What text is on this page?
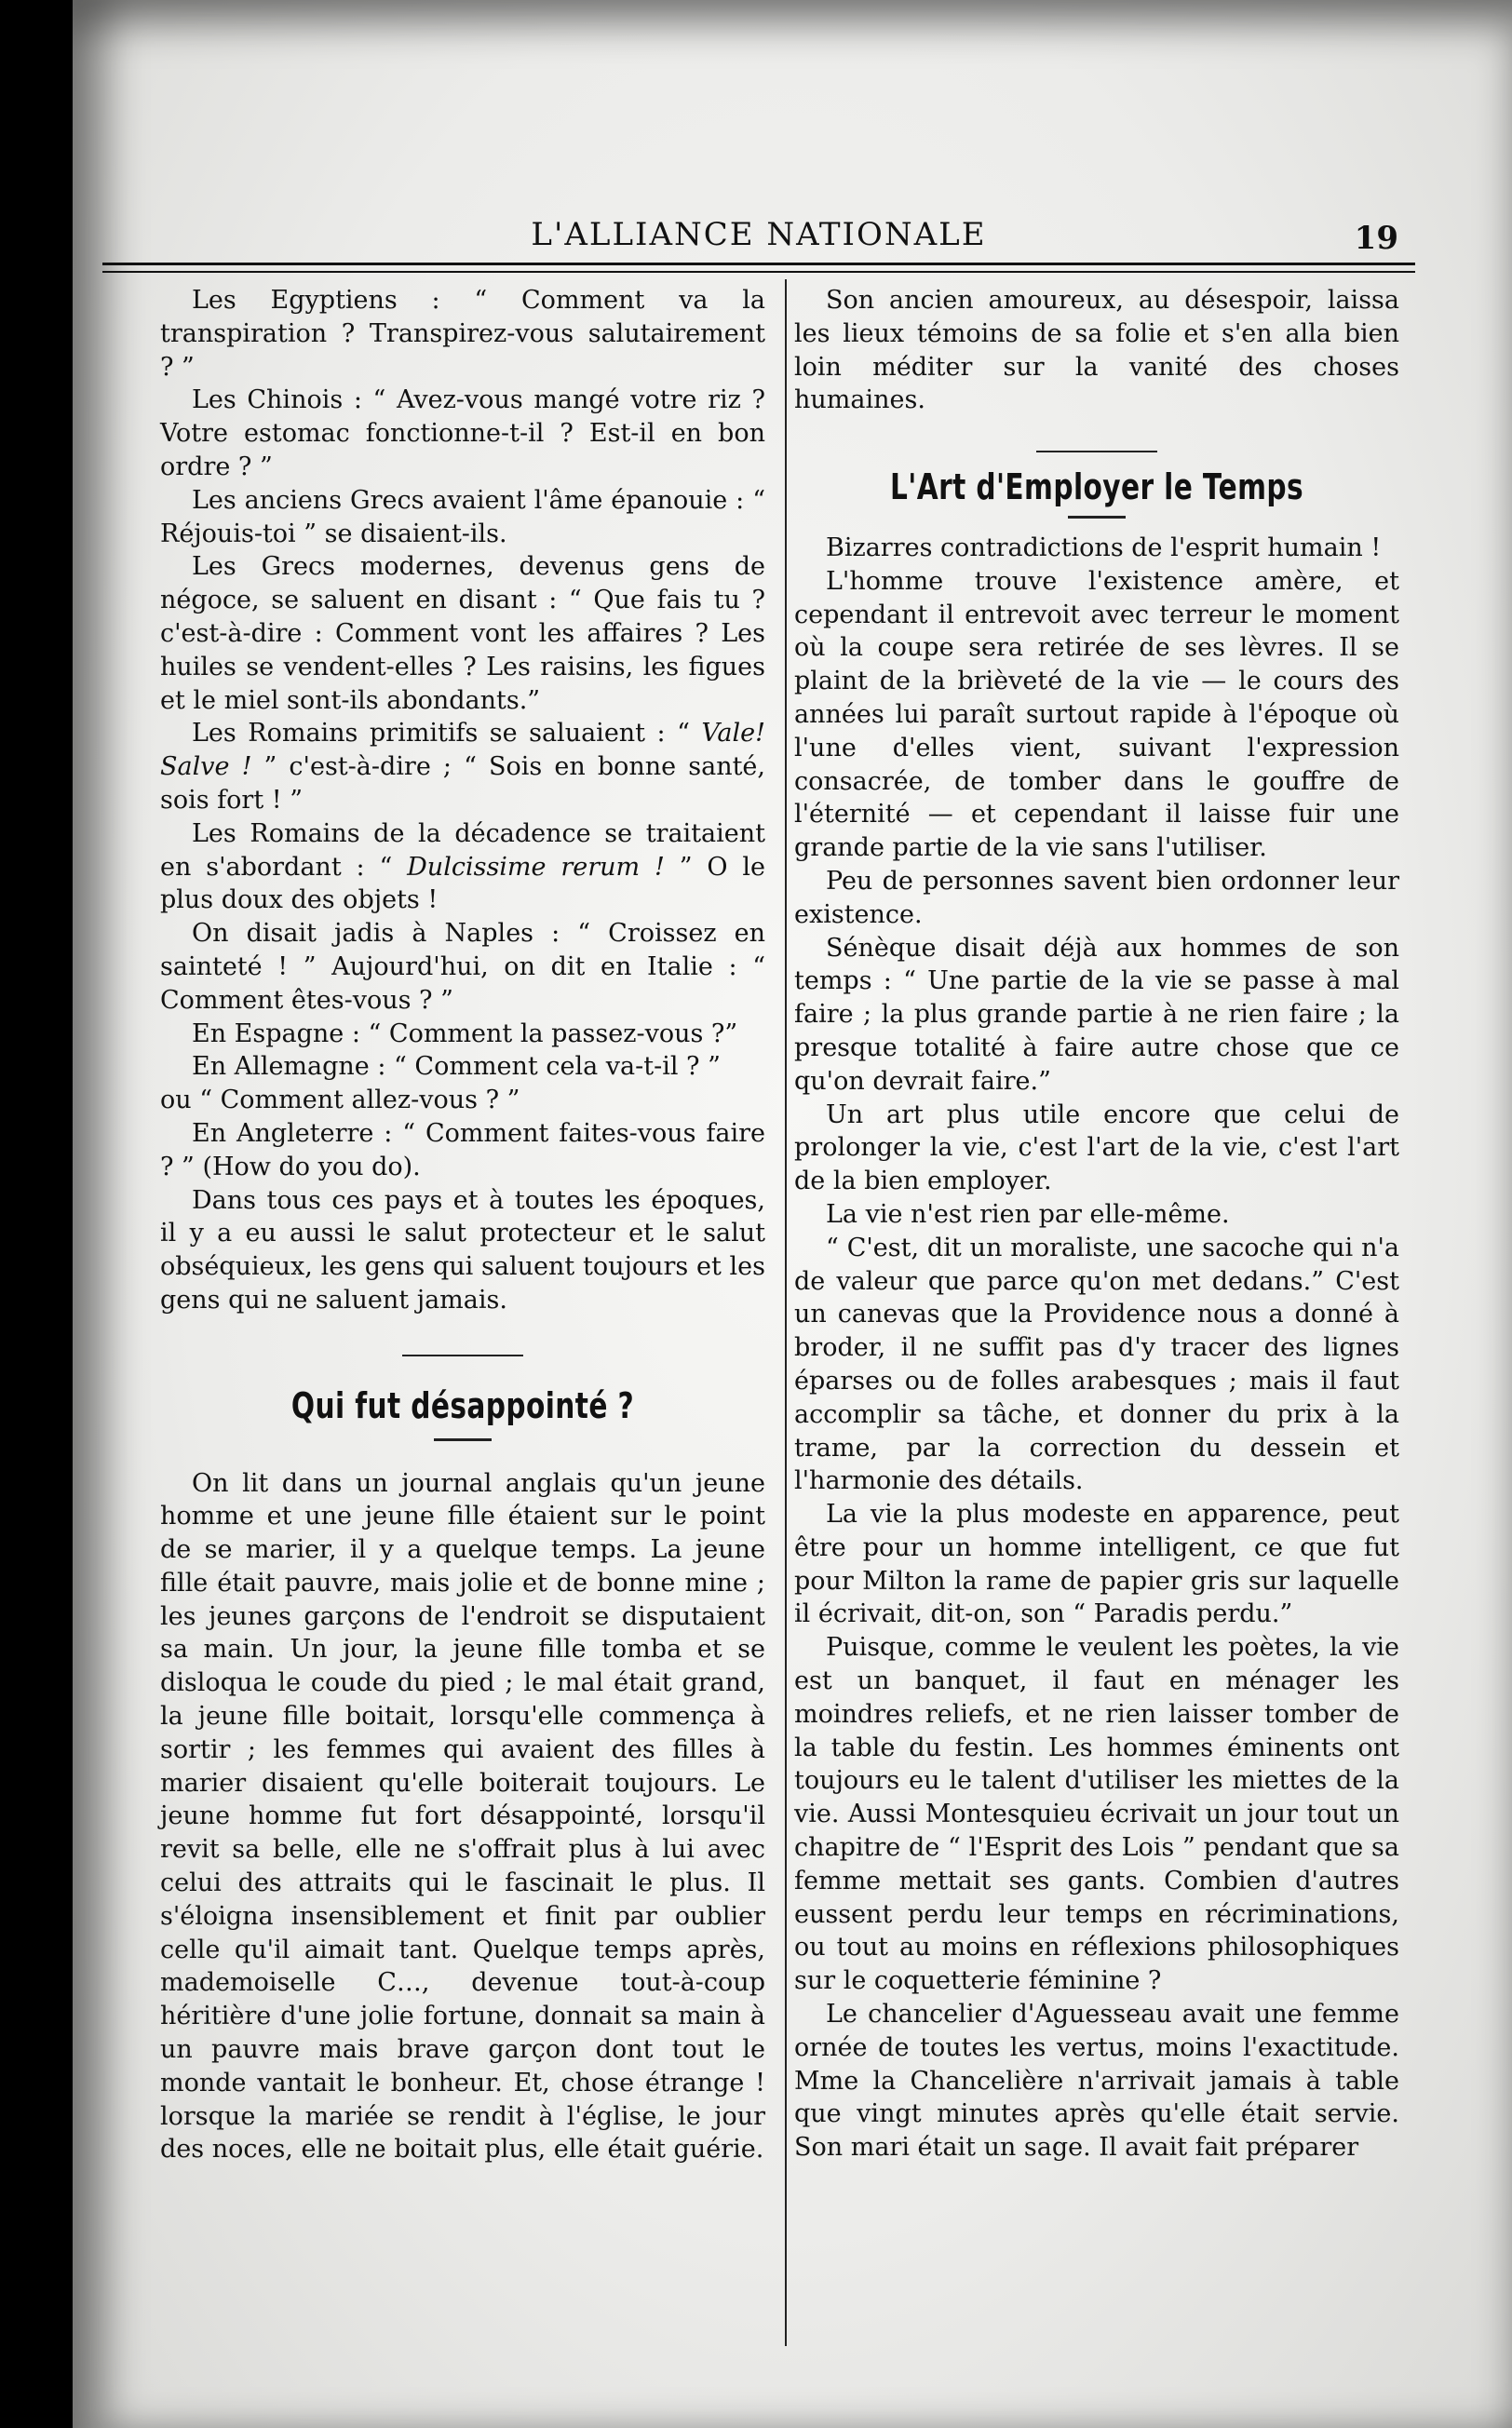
L'ALLIANCE NATIONALE	19

Les Egyptiens : “ Comment va la transpiration ? Transpirez-vous salutairement ? ”

Les Chinois : “ Avez-vous mangé votre riz ? Votre estomac fonctionne-t-il ? Est-il en bon ordre ? ”

Les anciens Grecs avaient l'âme épanouie : “ Réjouis-toi ” se disaient-ils.

Les Grecs modernes, devenus gens de négoce, se saluent en disant : “ Que fais tu ? c'est-à-dire : Comment vont les affaires ? Les huiles se vendent-elles ? Les raisins, les figues et le miel sont-ils abondants.”

Les Romains primitifs se saluaient : “ Vale! Salve ! ” c'est-à-dire ; “ Sois en bonne santé, sois fort ! ”

Les Romains de la décadence se traitaient en s'abordant : “ Dulcissime rerum ! ” O le plus doux des objets !

On disait jadis à Naples : “ Croissez en sainteté ! ” Aujourd'hui, on dit en Italie : “ Comment êtes-vous ? ”

En Espagne : “ Comment la passez-vous ?”

En Allemagne : “ Comment cela va-t-il ? ”

ou “ Comment allez-vous ? ”

En Angleterre : “ Comment faites-vous faire ? ” (How do you do).

Dans tous ces pays et à toutes les époques, il y a eu aussi le salut protecteur et le salut obséquieux, les gens qui saluent toujours et les gens qui ne saluent jamais.

Qui fut désappointé ?

On lit dans un journal anglais qu'un jeune homme et une jeune fille étaient sur le point de se marier, il y a quelque temps. La jeune fille était pauvre, mais jolie et de bonne mine ; les jeunes garçons de l'endroit se disputaient sa main. Un jour, la jeune fille tomba et se disloqua le coude du pied ; le mal était grand, la jeune fille boitait, lorsqu'elle commença à sortir ; les femmes qui avaient des filles à marier disaient qu'elle boiterait toujours. Le jeune homme fut fort désappointé, lorsqu'il revit sa belle, elle ne s'offrait plus à lui avec celui des attraits qui le fascinait le plus. Il s'éloigna insensiblement et finit par oublier celle qu'il aimait tant. Quelque temps après, mademoiselle C…, devenue tout-à-coup héritière d'une jolie fortune, donnait sa main à un pauvre mais brave garçon dont tout le monde vantait le bonheur. Et, chose étrange ! lorsque la mariée se rendit à l'église, le jour des noces, elle ne boitait plus, elle était guérie.

Son ancien amoureux, au désespoir, laissa les lieux témoins de sa folie et s'en alla bien loin méditer sur la vanité des choses humaines.

L'Art d'Employer le Temps

Bizarres contradictions de l'esprit humain !

L'homme trouve l'existence amère, et cependant il entrevoit avec terreur le moment où la coupe sera retirée de ses lèvres. Il se plaint de la brièveté de la vie — le cours des années lui paraît surtout rapide à l'époque où l'une d'elles vient, suivant l'expression consacrée, de tomber dans le gouffre de l'éternité — et cependant il laisse fuir une grande partie de la vie sans l'utiliser.

Peu de personnes savent bien ordonner leur existence.

Sénèque disait déjà aux hommes de son temps : “ Une partie de la vie se passe à mal faire ; la plus grande partie à ne rien faire ; la presque totalité à faire autre chose que ce qu'on devrait faire.”

Un art plus utile encore que celui de prolonger la vie, c'est l'art de la vie, c'est l'art de la bien employer.

La vie n'est rien par elle-même.

“ C'est, dit un moraliste, une sacoche qui n'a de valeur que parce qu'on met dedans.” C'est un canevas que la Providence nous a donné à broder, il ne suffit pas d'y tracer des lignes éparses ou de folles arabesques ; mais il faut accomplir sa tâche, et donner du prix à la trame, par la correction du dessein et l'harmonie des détails.

La vie la plus modeste en apparence, peut être pour un homme intelligent, ce que fut pour Milton la rame de papier gris sur laquelle il écrivait, dit-on, son “ Paradis perdu.”

Puisque, comme le veulent les poètes, la vie est un banquet, il faut en ménager les moindres reliefs, et ne rien laisser tomber de la table du festin. Les hommes éminents ont toujours eu le talent d'utiliser les miettes de la vie. Aussi Montesquieu écrivait un jour tout un chapitre de “ l'Esprit des Lois ” pendant que sa femme mettait ses gants. Combien d'autres eussent perdu leur temps en récriminations, ou tout au moins en réflexions philosophiques sur le coquetterie féminine ?

Le chancelier d'Aguesseau avait une femme ornée de toutes les vertus, moins l'exactitude. Mme la Chancelière n'arrivait jamais à table que vingt minutes après qu'elle était servie. Son mari était un sage. Il avait fait préparer
